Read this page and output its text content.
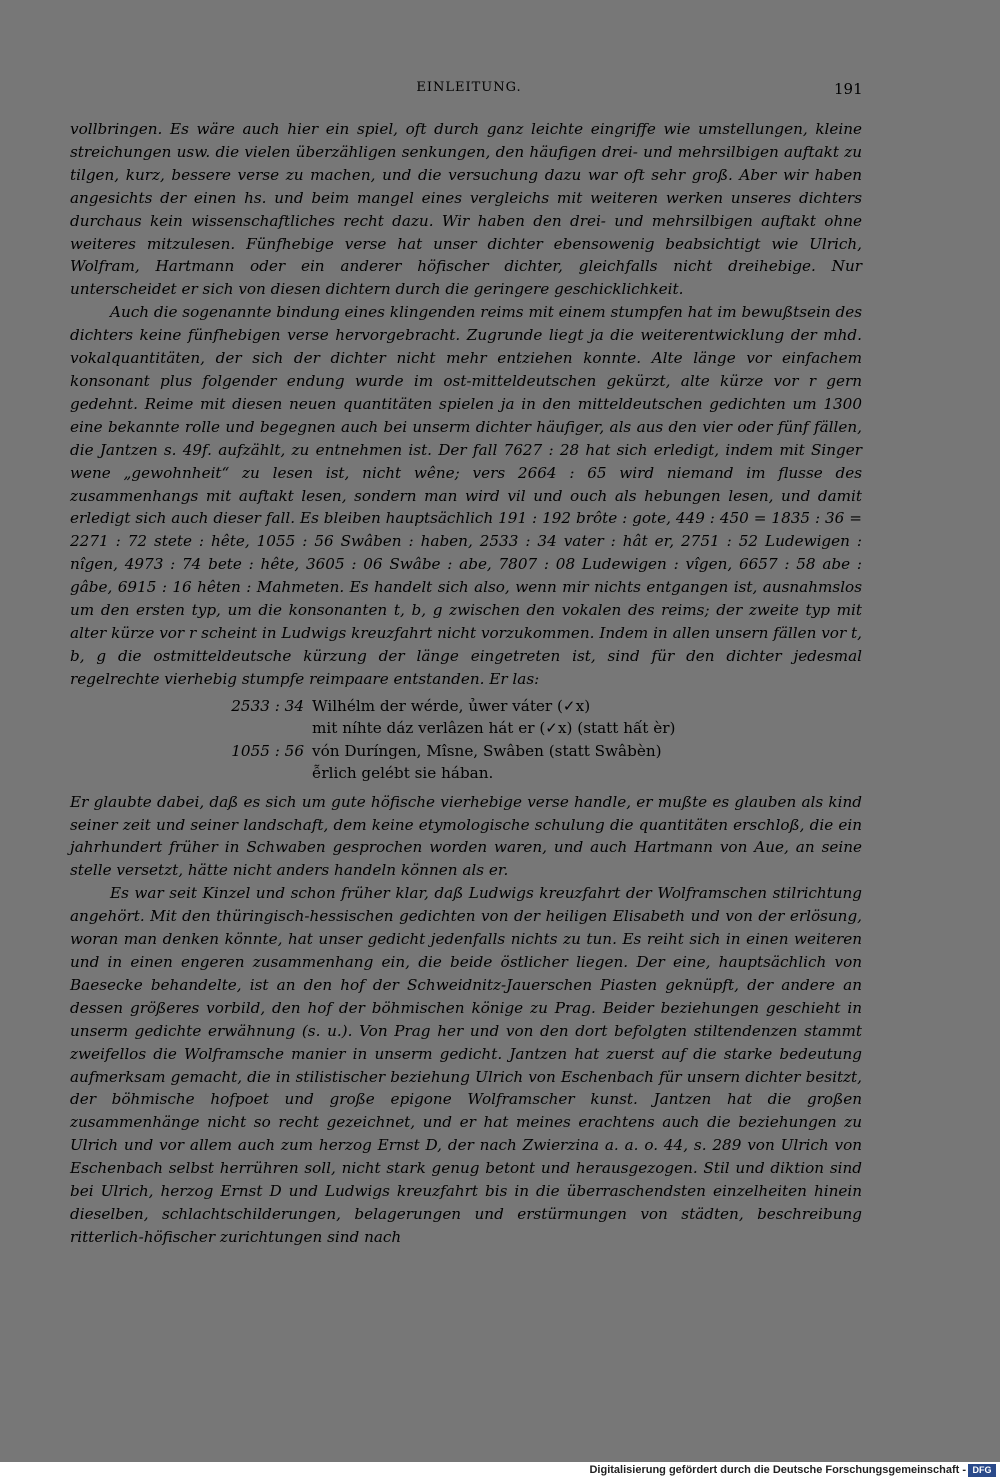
EINLEITUNG.	191

vollbringen. Es wäre auch hier ein spiel, oft durch ganz leichte eingriffe wie umstellungen, kleine streichungen usw. die vielen überzähligen senkungen, den häufigen drei- und mehrsilbigen auftakt zu tilgen, kurz, bessere verse zu machen, und die versuchung dazu war oft sehr groß. Aber wir haben angesichts der einen hs. und beim mangel eines vergleichs mit weiteren werken unseres dichters durchaus kein wissenschaftliches recht dazu. Wir haben den drei- und mehrsilbigen auftakt ohne weiteres mitzulesen. Fünfhebige verse hat unser dichter ebensowenig beabsichtigt wie Ulrich, Wolfram, Hartmann oder ein anderer höfischer dichter, gleichfalls nicht dreihebige. Nur unterscheidet er sich von diesen dichtern durch die geringere geschicklichkeit.

Auch die sogenannte bindung eines klingenden reims mit einem stumpfen hat im bewußtsein des dichters keine fünfhebigen verse hervorgebracht. Zugrunde liegt ja die weiterentwicklung der mhd. vokalquantitäten, der sich der dichter nicht mehr entziehen konnte. Alte länge vor einfachem konsonant plus folgender endung wurde im ost-mitteldeutschen gekürzt, alte kürze vor r gern gedehnt. Reime mit diesen neuen quantitäten spielen ja in den mitteldeutschen gedichten um 1300 eine bekannte rolle und begegnen auch bei unserm dichter häufiger, als aus den vier oder fünf fällen, die Jantzen s. 49f. aufzählt, zu entnehmen ist. Der fall 7627 : 28 hat sich erledigt, indem mit Singer wene „gewohnheit“ zu lesen ist, nicht wêne; vers 2664 : 65 wird niemand im flusse des zusammenhangs mit auftakt lesen, sondern man wird vil und ouch als hebungen lesen, und damit erledigt sich auch dieser fall. Es bleiben hauptsächlich 191 : 192 brôte : gote, 449 : 450 = 1835 : 36 = 2271 : 72 stete : hête, 1055 : 56 Swâben : haben, 2533 : 34 vater : hât er, 2751 : 52 Ludewigen : nîgen, 4973 : 74 bete : hête, 3605 : 06 Swâbe : abe, 7807 : 08 Ludewigen : vîgen, 6657 : 58 abe : gâbe, 6915 : 16 hêten : Mahmeten. Es handelt sich also, wenn mir nichts entgangen ist, ausnahmslos um den ersten typ, um die konsonanten t, b, g zwischen den vokalen des reims; der zweite typ mit alter kürze vor r scheint in Ludwigs kreuzfahrt nicht vorzukommen. Indem in allen unsern fällen vor t, b, g die ostmitteldeutsche kürzung der länge eingetreten ist, sind für den dichter jedesmal regelrechte vierhebig stumpfe reimpaare entstanden. Er las:

2533 : 34 Wilhélm der wérde, ủwer váter (✓x)
mit níhte dáz verlâzen hát er (✓x) (statt hất èr)
1055 : 56 vón Duríngen, Mîsne, Swâben (statt Swâbèn)
ễrlich gelébt sie hában.

Er glaubte dabei, daß es sich um gute höfische vierhebige verse handle, er mußte es glauben als kind seiner zeit und seiner landschaft, dem keine etymologische schulung die quantitäten erschloß, die ein jahrhundert früher in Schwaben gesprochen worden waren, und auch Hartmann von Aue, an seine stelle versetzt, hätte nicht anders handeln können als er.

Es war seit Kinzel und schon früher klar, daß Ludwigs kreuzfahrt der Wolframschen stilrichtung angehört. Mit den thüringisch-hessischen gedichten von der heiligen Elisabeth und von der erlösung, woran man denken könnte, hat unser gedicht jedenfalls nichts zu tun. Es reiht sich in einen weiteren und in einen engeren zusammenhang ein, die beide östlicher liegen. Der eine, hauptsächlich von Baesecke behandelte, ist an den hof der Schweidnitz-Jauerschen Piasten geknüpft, der andere an dessen größeres vorbild, den hof der böhmischen könige zu Prag. Beider beziehungen geschieht in unserm gedichte erwähnung (s. u.). Von Prag her und von den dort befolgten stiltendenzen stammt zweifellos die Wolframsche manier in unserm gedicht. Jantzen hat zuerst auf die starke bedeutung aufmerksam gemacht, die in stilistischer beziehung Ulrich von Eschenbach für unsern dichter besitzt, der böhmische hofpoet und große epigone Wolframscher kunst. Jantzen hat die großen zusammenhänge nicht so recht gezeichnet, und er hat meines erachtens auch die beziehungen zu Ulrich und vor allem auch zum herzog Ernst D, der nach Zwierzina a. a. o. 44, s. 289 von Ulrich von Eschenbach selbst herrühren soll, nicht stark genug betont und herausgezogen. Stil und diktion sind bei Ulrich, herzog Ernst D und Ludwigs kreuzfahrt bis in die überraschendsten einzelheiten hinein dieselben, schlachtschilderungen, belagerungen und erstürmungen von städten, beschreibung ritterlich-höfischer zurichtungen sind nach

Digitalisierung gefördert durch die Deutsche Forschungsgemeinschaft - DFG
